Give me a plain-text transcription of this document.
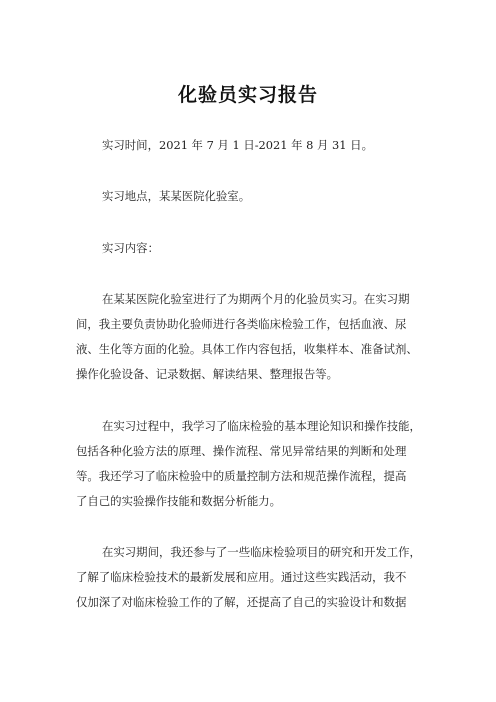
化验员实习报告
实习时间，2021 年 7 月 1 日-2021 年 8 月 31 日。
实习地点，某某医院化验室。
实习内容：
在某某医院化验室进行了为期两个月的化验员实习。在实习期
间，我主要负责协助化验师进行各类临床检验工作，包括血液、尿
液、生化等方面的化验。具体工作内容包括，收集样本、准备试剂、
操作化验设备、记录数据、解读结果、整理报告等。
在实习过程中，我学习了临床检验的基本理论知识和操作技能，
包括各种化验方法的原理、操作流程、常见异常结果的判断和处理
等。我还学习了临床检验中的质量控制方法和规范操作流程，提高
了自己的实验操作技能和数据分析能力。
在实习期间，我还参与了一些临床检验项目的研究和开发工作，
了解了临床检验技术的最新发展和应用。通过这些实践活动，我不
仅加深了对临床检验工作的了解，还提高了自己的实验设计和数据
